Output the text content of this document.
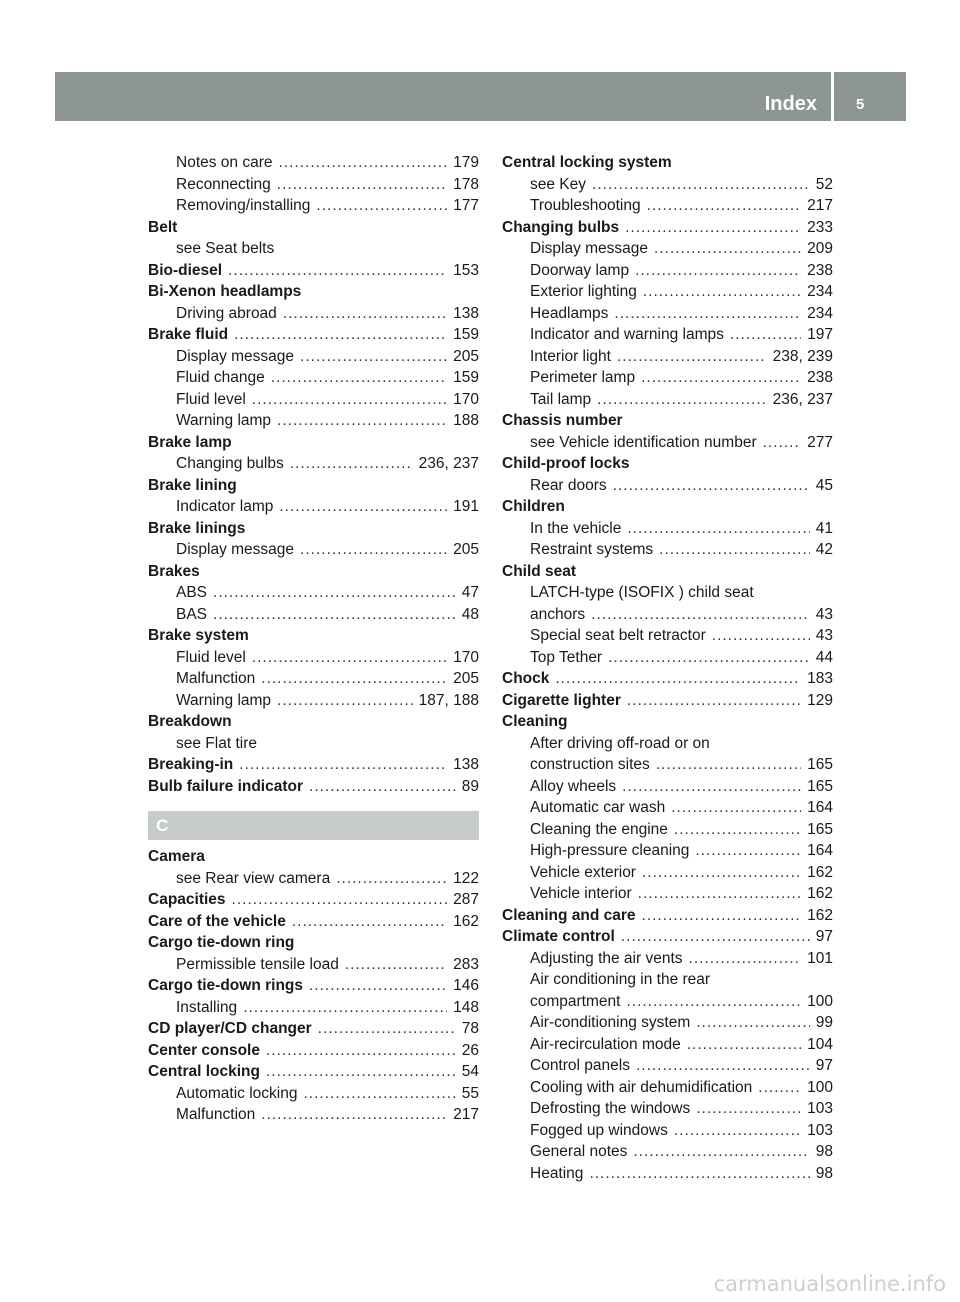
Index	5
Notes on care .....	179
Reconnecting .....	178
Removing/installing .....	177
Belt
see Seat belts
Bio-diesel .....	153
Bi-Xenon headlamps
Driving abroad .....	138
Brake fluid .....	159
Display message .....	205
Fluid change .....	159
Fluid level .....	170
Warning lamp .....	188
Brake lamp
Changing bulbs .....	236, 237
Brake lining
Indicator lamp .....	191
Brake linings
Display message .....	205
Brakes
ABS .....	47
BAS .....	48
Brake system
Fluid level .....	170
Malfunction .....	205
Warning lamp .....	187, 188
Breakdown
see Flat tire
Breaking-in .....	138
Bulb failure indicator .....	89
C
Camera
see Rear view camera .....	122
Capacities .....	287
Care of the vehicle .....	162
Cargo tie-down ring
Permissible tensile load .....	283
Cargo tie-down rings .....	146
Installing .....	148
CD player/CD changer .....	78
Center console .....	26
Central locking .....	54
Automatic locking .....	55
Malfunction .....	217
Central locking system
see Key .....	52
Troubleshooting .....	217
Changing bulbs .....	233
Display message .....	209
Doorway lamp .....	238
Exterior lighting .....	234
Headlamps .....	234
Indicator and warning lamps .....	197
Interior light .....	238, 239
Perimeter lamp .....	238
Tail lamp .....	236, 237
Chassis number
see Vehicle identification number .....	277
Child-proof locks
Rear doors .....	45
Children
In the vehicle .....	41
Restraint systems .....	42
Child seat
LATCH-type (ISOFIX ) child seat
anchors .....	43
Special seat belt retractor .....	43
Top Tether .....	44
Chock .....	183
Cigarette lighter .....	129
Cleaning
After driving off-road or on
construction sites .....	165
Alloy wheels .....	165
Automatic car wash .....	164
Cleaning the engine .....	165
High-pressure cleaning .....	164
Vehicle exterior .....	162
Vehicle interior .....	162
Cleaning and care .....	162
Climate control .....	97
Adjusting the air vents .....	101
Air conditioning in the rear
compartment .....	100
Air-conditioning system .....	99
Air-recirculation mode .....	104
Control panels .....	97
Cooling with air dehumidification .....	100
Defrosting the windows .....	103
Fogged up windows .....	103
General notes .....	98
Heating .....	98
carmanualsonline.info
